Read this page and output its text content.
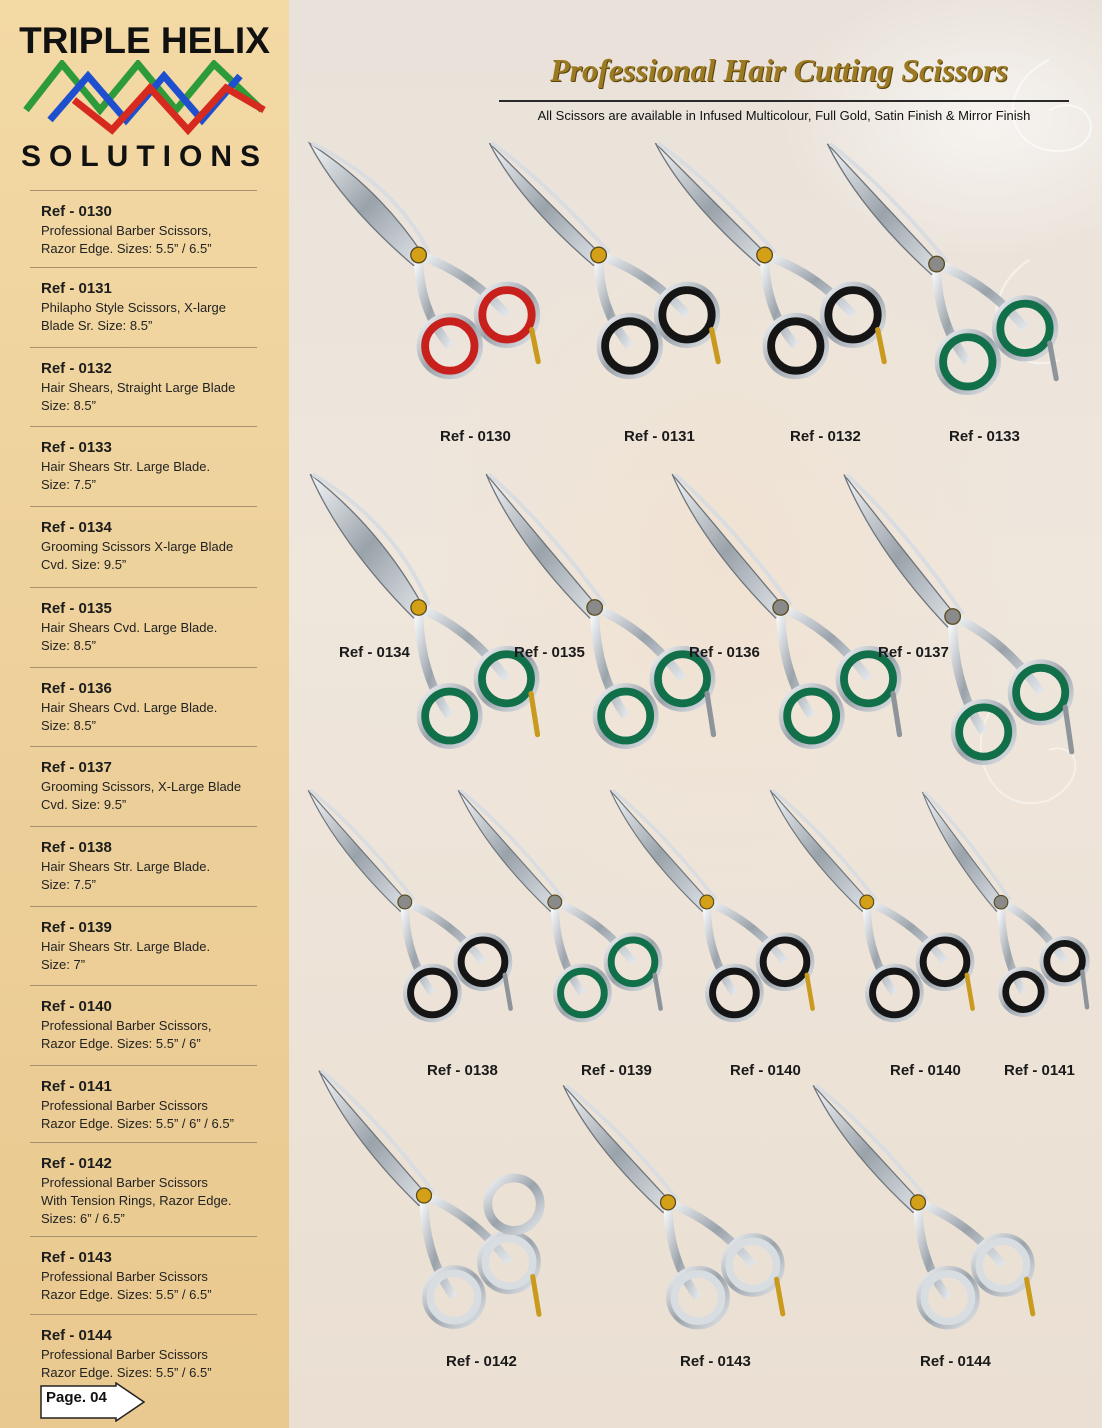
TRIPLE HELIX
SOLUTIONS
Ref - 0130
Professional Barber Scissors,
Razor Edge. Sizes: 5.5” / 6.5”
Ref - 0131
Philapho Style Scissors, X-large
Blade Sr. Size: 8.5”
Ref - 0132
Hair Shears, Straight Large Blade
Size: 8.5”
Ref - 0133
Hair Shears Str. Large Blade.
Size: 7.5”
Ref - 0134
Grooming Scissors X-large Blade
Cvd. Size: 9.5”
Ref - 0135
Hair Shears Cvd. Large Blade.
Size: 8.5”
Ref - 0136
Hair Shears Cvd. Large Blade.
Size: 8.5”
Ref - 0137
Grooming Scissors, X-Large Blade
Cvd. Size: 9.5”
Ref - 0138
Hair Shears Str. Large Blade.
Size: 7.5”
Ref - 0139
Hair Shears Str. Large Blade.
Size: 7”
Ref - 0140
Professional Barber Scissors,
Razor Edge. Sizes: 5.5” / 6”
Ref - 0141
Professional Barber Scissors
Razor Edge. Sizes: 5.5” / 6” / 6.5”
Ref - 0142
Professional Barber Scissors
With Tension Rings, Razor Edge.
Sizes: 6” / 6.5”
Ref - 0143
Professional Barber Scissors
Razor Edge. Sizes: 5.5” / 6.5”
Ref - 0144
Professional Barber Scissors
Razor Edge. Sizes: 5.5” / 6.5”
Page. 04
Professional Hair Cutting Scissors
All Scissors are available in Infused Multicolour, Full Gold, Satin Finish & Mirror Finish
Ref - 0130	Ref - 0131	Ref - 0132	Ref - 0133
Ref - 0134	Ref - 0135	Ref - 0136	Ref - 0137
Ref - 0138	Ref - 0139	Ref - 0140	Ref - 0140	Ref - 0141
Ref - 0142	Ref - 0143	Ref - 0144
